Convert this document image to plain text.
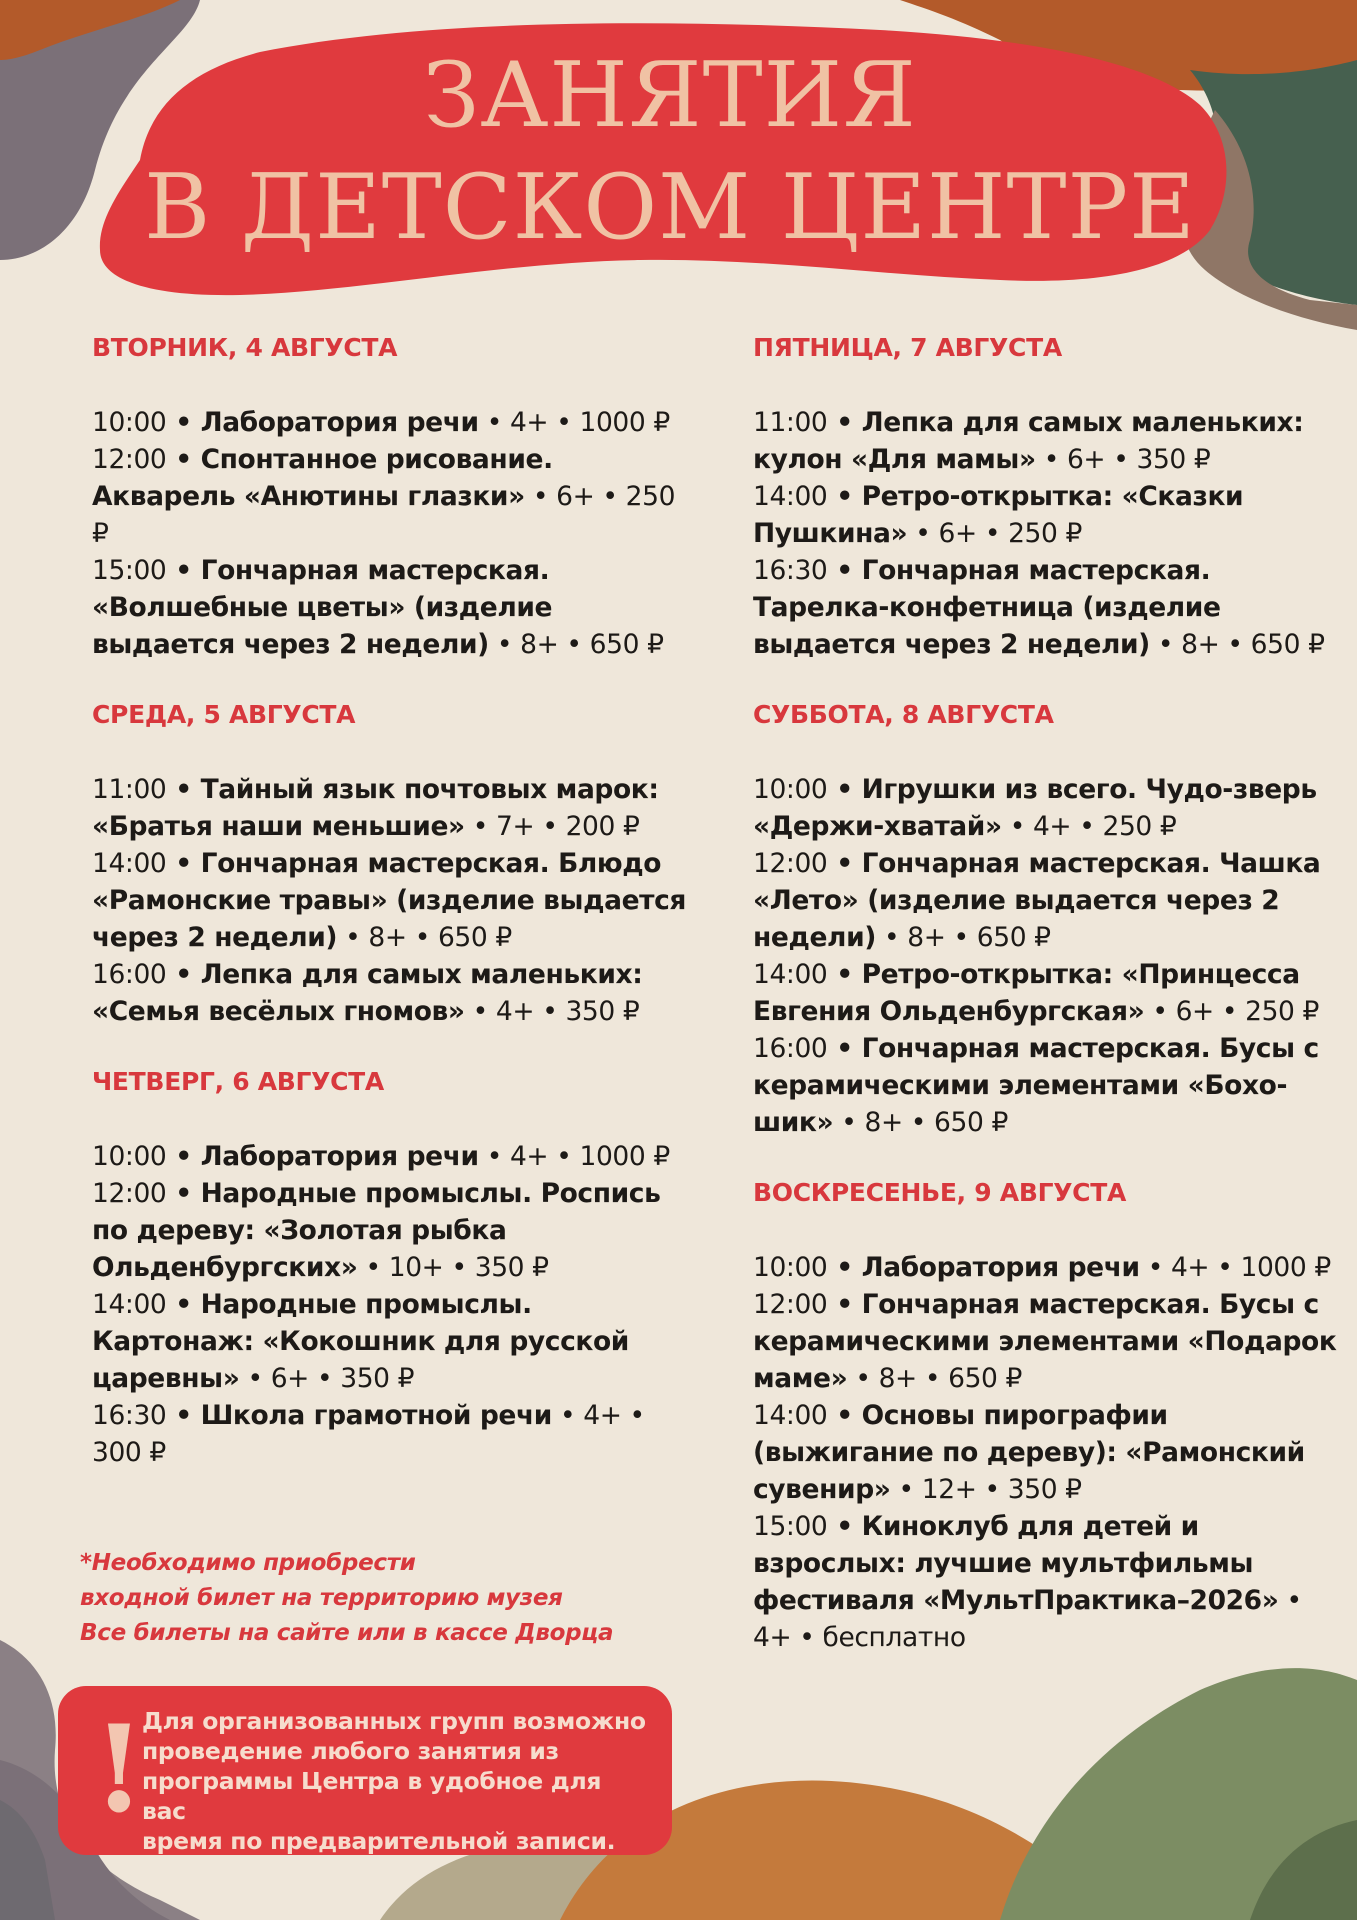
ЗАНЯТИЯ
В ДЕТСКОМ ЦЕНТРЕ
ВТОРНИК, 4 АВГУСТА
10:00 • Лаборатория речи • 4+ • 1000 ₽
12:00 • Спонтанное рисование. Акварель «Анютины глазки» • 6+ • 250 ₽
15:00 • Гончарная мастерская. «Волшебные цветы» (изделие выдается через 2 недели) • 8+ • 650 ₽
СРЕДА, 5 АВГУСТА
11:00 • Тайный язык почтовых марок: «Братья наши меньшие» • 7+ • 200 ₽
14:00 • Гончарная мастерская. Блюдо «Рамонские травы» (изделие выдается через 2 недели) • 8+ • 650 ₽
16:00 • Лепка для самых маленьких: «Семья весёлых гномов» • 4+ • 350 ₽
ЧЕТВЕРГ, 6 АВГУСТА
10:00 • Лаборатория речи • 4+ • 1000 ₽
12:00 • Народные промыслы. Роспись по дереву: «Золотая рыбка Ольденбургских» • 10+ • 350 ₽
14:00 • Народные промыслы. Картонаж: «Кокошник для русской царевны» • 6+ • 350 ₽
16:30 • Школа грамотной речи • 4+ • 300 ₽
ПЯТНИЦА, 7 АВГУСТА
11:00 • Лепка для самых маленьких: кулон «Для мамы» • 6+ • 350 ₽
14:00 • Ретро-открытка: «Сказки Пушкина» • 6+ • 250 ₽
16:30 • Гончарная мастерская. Тарелка-конфетница (изделие выдается через 2 недели) • 8+ • 650 ₽
СУББОТА, 8 АВГУСТА
10:00 • Игрушки из всего. Чудо-зверь «Держи-хватай» • 4+ • 250 ₽
12:00 • Гончарная мастерская. Чашка «Лето» (изделие выдается через 2 недели) • 8+ • 650 ₽
14:00 • Ретро-открытка: «Принцесса Евгения Ольденбургская» • 6+ • 250 ₽
16:00 • Гончарная мастерская. Бусы с керамическими элементами «Бохо-шик» • 8+ • 650 ₽
ВОСКРЕСЕНЬЕ, 9 АВГУСТА
10:00 • Лаборатория речи • 4+ • 1000 ₽
12:00 • Гончарная мастерская. Бусы с керамическими элементами «Подарок маме» • 8+ • 650 ₽
14:00 • Основы пирографии (выжигание по дереву): «Рамонский сувенир» • 12+ • 350 ₽
15:00 • Киноклуб для детей и взрослых: лучшие мультфильмы фестиваля «МультПрактика–2026» • 4+ • бесплатно
*Необходимо приобрести
входной билет на территорию музея
Все билеты на сайте или в кассе Дворца
!
Для организованных групп возможно
проведение любого занятия из
программы Центра в удобное для вас
время по предварительной записи.
